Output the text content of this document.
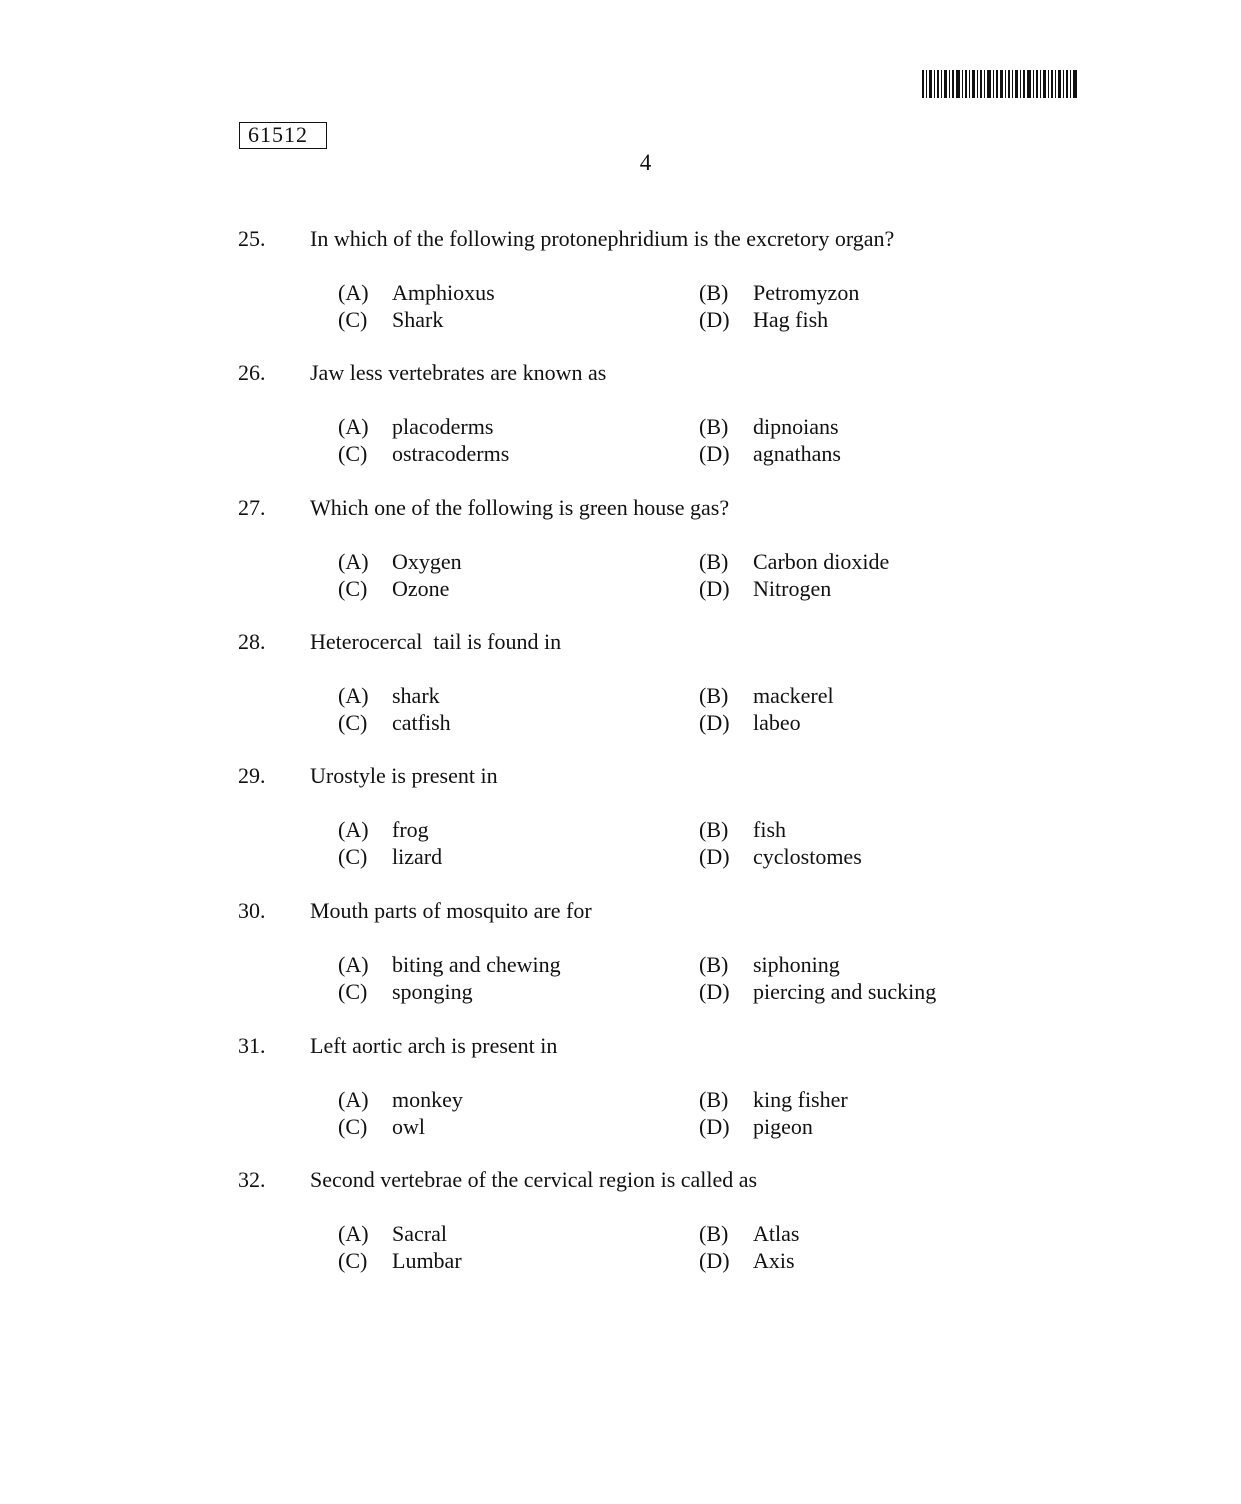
61512
4
25. In which of the following protonephridium is the excretory organ?
(A) Amphioxus	(B) Petromyzon
(C) Shark	(D) Hag fish
26. Jaw less vertebrates are known as
(A) placoderms	(B) dipnoians
(C) ostracoderms	(D) agnathans
27. Which one of the following is green house gas?
(A) Oxygen	(B) Carbon dioxide
(C) Ozone	(D) Nitrogen
28. Heterocercal  tail is found in
(A) shark	(B) mackerel
(C) catfish	(D) labeo
29. Urostyle is present in
(A) frog	(B) fish
(C) lizard	(D) cyclostomes
30. Mouth parts of mosquito are for
(A) biting and chewing	(B) siphoning
(C) sponging	(D) piercing and sucking
31. Left aortic arch is present in
(A) monkey	(B) king fisher
(C) owl	(D) pigeon
32. Second vertebrae of the cervical region is called as
(A) Sacral	(B) Atlas
(C) Lumbar	(D) Axis
